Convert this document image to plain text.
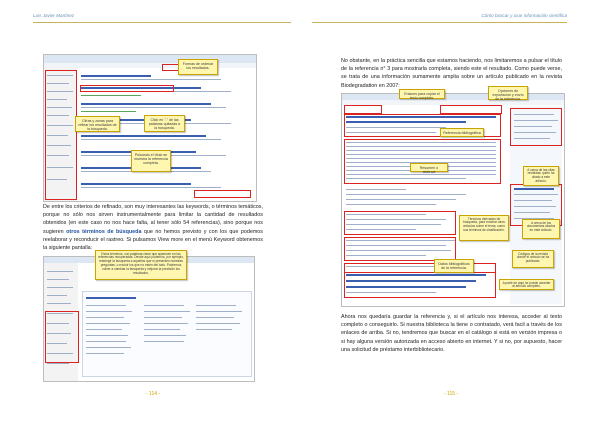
Luis Javier Martínez	Cómo buscar y usar información científica
Formas de ordenar los resultados.
Cifras y zonas para refinar los resultados de la búsqueda.
Click en "-" de las palabras quitadas a la búsqueda.
Pulsando el título se muestra la referencia completa.
De entre los criterios de refinado, son muy interesantes las keywords, o términos temáticos, porque no sólo nos sirven instrumentalmente para limitar la cantidad de resultados obtenidos (en este caso no nos hace falta, al tener sólo 54 referencias), sino porque nos sugieren otros términos de búsqueda que no hemos previsto y con los que podemos reelaborar y reconducir el rastreo. Si pulsamos View more en el menú Keyword obtenemos la siguiente pantalla:
Estos términos, con palabras clave que aparecen en las referencias recuperadas. Desde aquí podemos, por ejemplo, restringir la búsqueda a aquellos que sí presenten nuestras preguntas, o excluir los que no estén del todo. Podremos volver a cambiar la búsqueda y mejorar la precisión los resultados.
- 114 -
No obstante, en la práctica sencilla que estamos haciendo, nos limitaremos a pulsar el título de la referencia n° 3 para mostrarla completa, siendo este el resultado. Como puede verse, se trata de una información sumamente amplia sobre un artículo publicado en la revista Biodegradation en 2007:
Enlaces para copiar el texto completo.
Opciones de exportación y envío de la referencia.
Referencia bibliográfica
Resumen o abstract
Términos derivados de búsqueda, para mostrar otros artículos sobre el tema, como sus términos de clasificación.
A cerca de las citas recibidas; quién ha citado a este artículo.
A cerca de los documentos citados en este artículo.
Datos bibliográficos de la referencia.
Códigos de la revista donde el artículo se ha publicado.
A partir de aquí se puede acceder al artículo completo.
Ahora nos quedaría guardar la referencia y, si el artículo nos interesa, acceder al texto completo o conseguirlo. Si nuestra biblioteca la tiene o contratado, verá facil a través de los enlaces de arriba. Si no, tendremos que buscar en el catálogo si está en versión impresa o si hay alguna versión autorizada en acceso abierto en internet. Y si no, por supuesto, hacer una solicitud de préstamo interbibliotecario.
- 115 -
